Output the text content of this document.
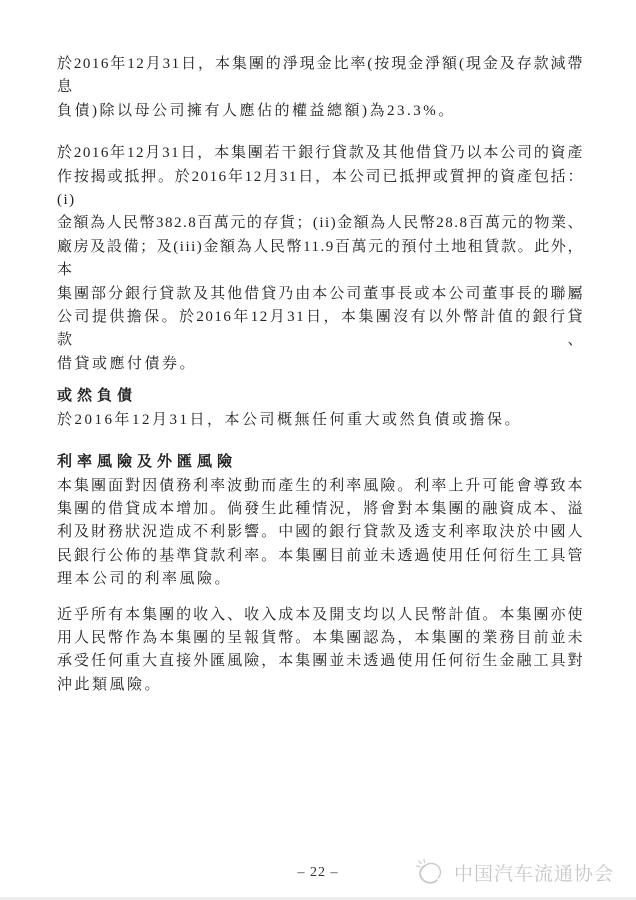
於2016年12月31日，本集團的淨現金比率(按現金淨額(現金及存款減帶息
負債)除以母公司擁有人應佔的權益總額)為23.3%。
於2016年12月31日，本集團若干銀行貸款及其他借貸乃以本公司的資產
作按揭或抵押。於2016年12月31日，本公司已抵押或質押的資產包括：(i)
金額為人民幣382.8百萬元的存貨；(ii)金額為人民幣28.8百萬元的物業、
廠房及設備；及(iii)金額為人民幣11.9百萬元的預付土地租賃款。此外，本
集團部分銀行貸款及其他借貸乃由本公司董事長或本公司董事長的聯屬
公司提供擔保。於2016年12月31日，本集團沒有以外幣計值的銀行貸款、
借貸或應付債券。
或然負債
於2016年12月31日，本公司概無任何重大或然負債或擔保。
利率風險及外匯風險
本集團面對因債務利率波動而產生的利率風險。利率上升可能會導致本
集團的借貸成本增加。倘發生此種情況，將會對本集團的融資成本、溢
利及財務狀況造成不利影響。中國的銀行貸款及透支利率取決於中國人
民銀行公佈的基準貸款利率。本集團目前並未透過使用任何衍生工具管
理本公司的利率風險。
近乎所有本集團的收入、收入成本及開支均以人民幣計值。本集團亦使
用人民幣作為本集團的呈報貨幣。本集團認為，本集團的業務目前並未
承受任何重大直接外匯風險，本集團並未透過使用任何衍生金融工具對
沖此類風險。
– 22 –	中国汽车流通协会
